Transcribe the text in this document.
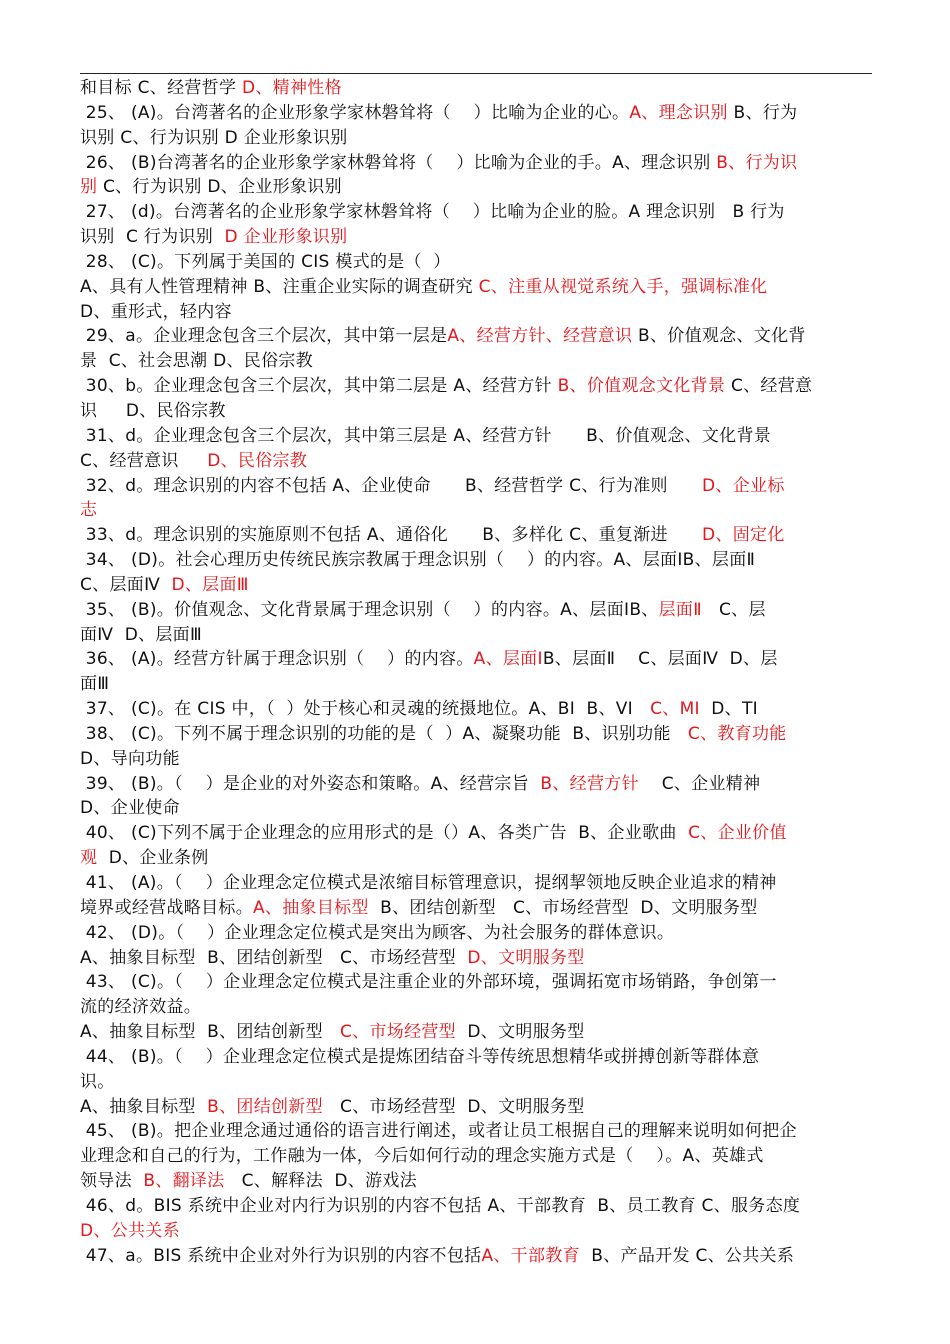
和目标 C、经营哲学 D、精神性格
25、 (A)。台湾著名的企业形象学家林磐耸将（    ）比喻为企业的心。A、理念识别 B、行为
识别 C、行为识别 D 企业形象识别
26、 (B)台湾著名的企业形象学家林磐耸将（    ）比喻为企业的手。A、理念识别 B、行为识
别 C、行为识别 D、企业形象识别
27、 (d)。台湾著名的企业形象学家林磐耸将（    ）比喻为企业的脸。A 理念识别   B 行为
识别  C 行为识别  D 企业形象识别
28、 (C)。下列属于美国的 CIS 模式的是（  ）
A、具有人性管理精神 B、注重企业实际的调查研究 C、注重从视觉系统入手，强调标准化
D、重形式，轻内容
29、a。企业理念包含三个层次，其中第一层是A、经营方针、经营意识 B、价值观念、文化背
景  C、社会思潮 D、民俗宗教
30、b。企业理念包含三个层次，其中第二层是 A、经营方针 B、价值观念文化背景 C、经营意
识     D、民俗宗教
31、d。企业理念包含三个层次，其中第三层是 A、经营方针      B、价值观念、文化背景
C、经营意识     D、民俗宗教
32、d。理念识别的内容不包括 A、企业使命      B、经营哲学 C、行为准则      D、企业标
志
33、d。理念识别的实施原则不包括 A、通俗化      B、多样化 C、重复渐进      D、固定化
34、 (D)。社会心理历史传统民族宗教属于理念识别（    ）的内容。A、层面ⅠB、层面Ⅱ
C、层面Ⅳ  D、层面Ⅲ
35、 (B)。价值观念、文化背景属于理念识别（    ）的内容。A、层面ⅠB、层面Ⅱ   C、层
面Ⅳ  D、层面Ⅲ
36、 (A)。经营方针属于理念识别（    ）的内容。A、层面ⅠB、层面Ⅱ    C、层面Ⅳ  D、层
面Ⅲ
37、 (C)。在 CIS 中，（  ）处于核心和灵魂的统摄地位。A、BI  B、VI   C、MI  D、TI
38、 (C)。下列不属于理念识别的功能的是（  ）A、凝聚功能  B、识别功能   C、教育功能
D、导向功能
39、 (B)。（    ）是企业的对外姿态和策略。A、经营宗旨  B、经营方针    C、企业精神
D、企业使命
40、 (C)下列不属于企业理念的应用形式的是（）A、各类广告  B、企业歌曲  C、企业价值
观  D、企业条例
41、 (A)。（    ）企业理念定位模式是浓缩目标管理意识，提纲挈领地反映企业追求的精神
境界或经营战略目标。A、抽象目标型  B、团结创新型   C、市场经营型  D、文明服务型
42、 (D)。（    ）企业理念定位模式是突出为顾客、为社会服务的群体意识。
A、抽象目标型  B、团结创新型   C、市场经营型  D、文明服务型
43、 (C)。（    ）企业理念定位模式是注重企业的外部环境，强调拓宽市场销路，争创第一
流的经济效益。
A、抽象目标型  B、团结创新型   C、市场经营型  D、文明服务型
44、 (B)。（    ）企业理念定位模式是提炼团结奋斗等传统思想精华或拼搏创新等群体意
识。
A、抽象目标型  B、团结创新型   C、市场经营型  D、文明服务型
45、 (B)。把企业理念通过通俗的语言进行阐述，或者让员工根据自己的理解来说明如何把企
业理念和自己的行为，工作融为一体，今后如何行动的理念实施方式是（    ）。A、英雄式
领导法  B、翻译法   C、解释法  D、游戏法
46、d。BIS 系统中企业对内行为识别的内容不包括 A、干部教育  B、员工教育 C、服务态度
D、公共关系
47、a。BIS 系统中企业对外行为识别的内容不包括A、干部教育  B、产品开发 C、公共关系
